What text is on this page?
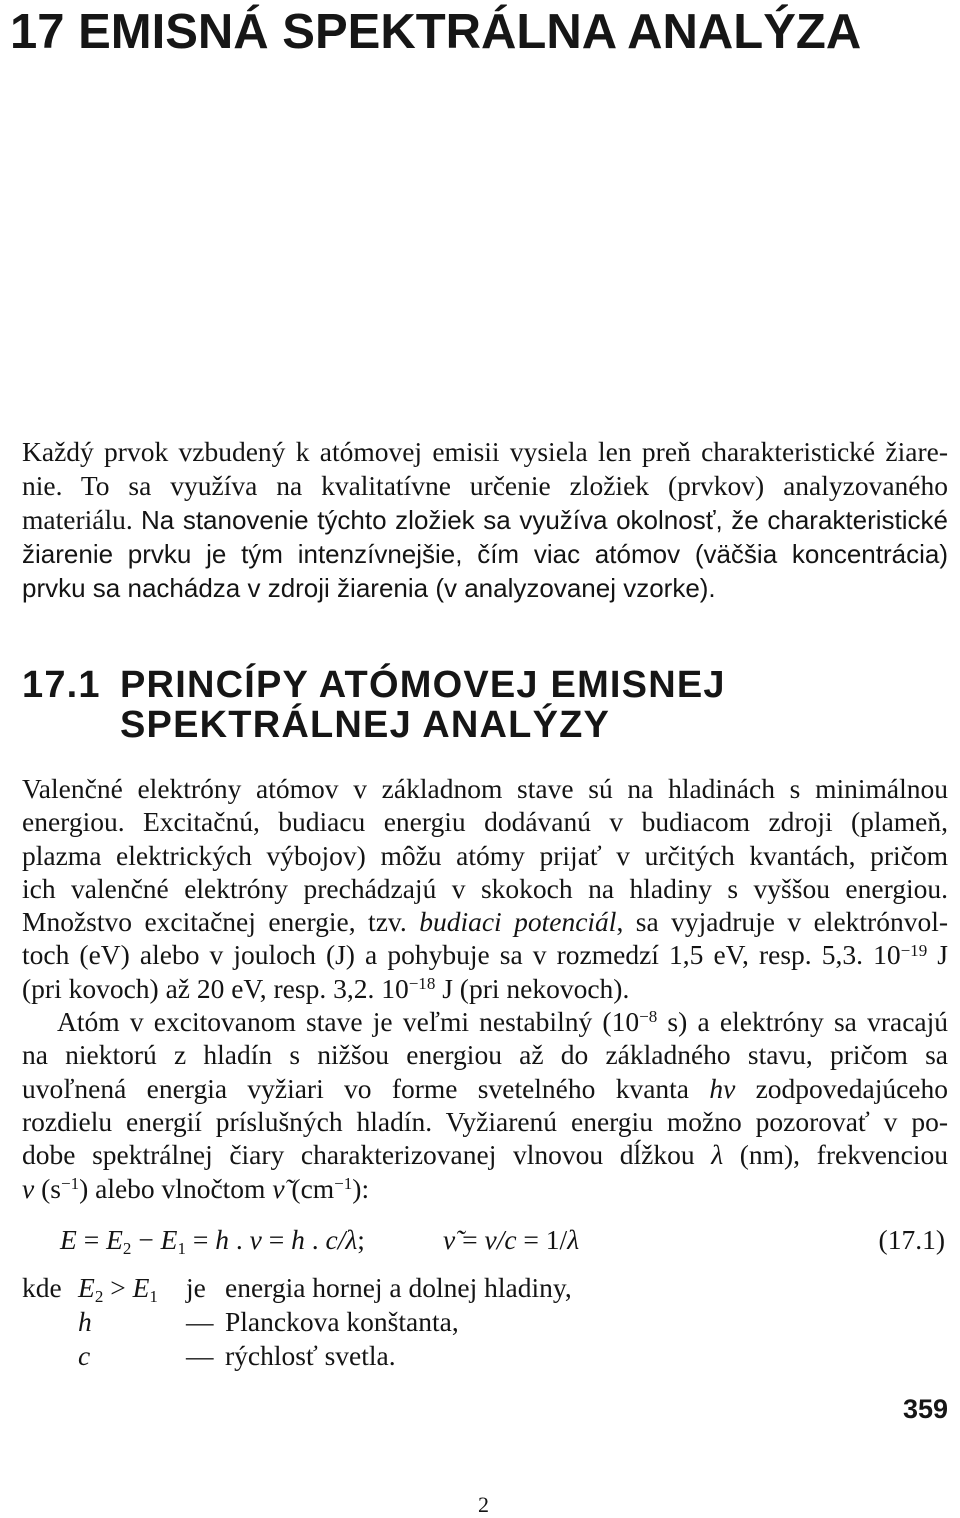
17 EMISNÁ SPEKTRÁLNA ANALÝZA
Každý prvok vzbudený k atómovej emisii vysiela len preň charakteristické žiare-
nie. To sa využíva na kvalitatívne určenie zložiek (prvkov) analyzovaného
materiálu. Na stanovenie týchto zložiek sa využíva okolnosť, že charakteristické
žiarenie prvku je tým intenzívnejšie, čím viac atómov (väčšia koncentrácia)
prvku sa nachádza v zdroji žiarenia (v analyzovanej vzorke).
17.1 PRINCÍPY ATÓMOVEJ EMISNEJ
SPEKTRÁLNEJ ANALÝZY
Valenčné elektróny atómov v základnom stave sú na hladinách s minimálnou
energiou. Excitačnú, budiacu energiu dodávanú v budiacom zdroji (plameň,
plazma elektrických výbojov) môžu atómy prijať v určitých kvantách, pričom
ich valenčné elektróny prechádzajú v skokoch na hladiny s vyššou energiou.
Množstvo excitačnej energie, tzv. budiaci potenciál, sa vyjadruje v elektrónvol-
toch (eV) alebo v jouloch (J) a pohybuje sa v rozmedzí 1,5 eV, resp. 5,3. $10^{-19}$ J
(pri kovoch) až 20 eV, resp. 3,2. $10^{-18}$ J (pri nekovoch).
Atóm v excitovanom stave je veľmi nestabilný ($10^{-8}$ s) a elektróny sa vracajú
na niektorú z hladín s nižšou energiou až do základného stavu, pričom sa
uvoľnená energia vyžiari vo forme svetelného kvanta hν zodpovedajúceho
rozdielu energií príslušných hladín. Vyžiarenú energiu možno pozorovať v po-
dobe spektrálnej čiary charakterizovanej vlnovou dĺžkou λ (nm), frekvenciou
ν $(s^{-1})$ alebo vlnočtom ν̃ $(cm^{-1})$:
E = E2 − E1 = h . ν = h . c/λ;	ν̃ = ν/c = 1/λ	(17.1)
kde E2 > E1 je energia hornej a dolnej hladiny,
h	— Planckova konštanta,
c	— rýchlosť svetla.
359
2
